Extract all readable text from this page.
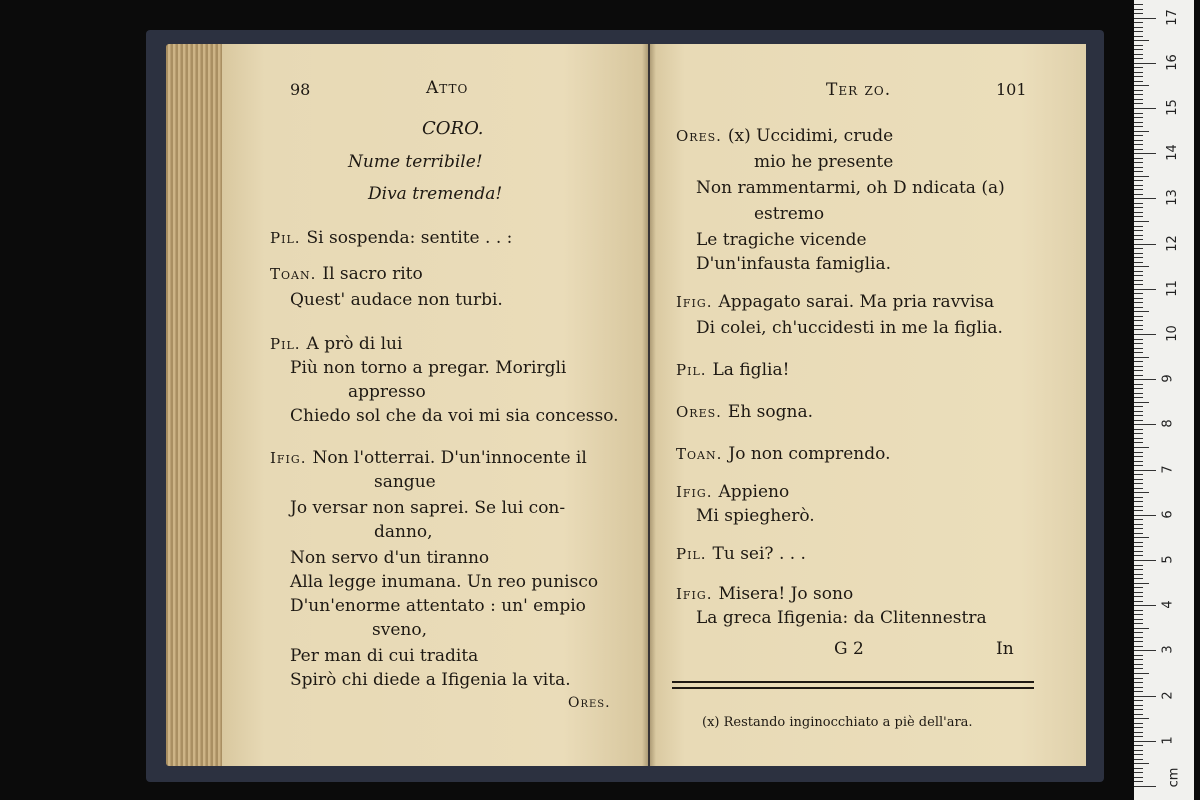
98	Atto
CORO.
Nume terribile!
Diva tremenda!
Pil. Si sospenda: sentite . . :
Toan. Il sacro rito
Quest' audace non turbi.
Pil. A prò di lui
Più non torno a pregar. Morirgli
appresso
Chiedo sol che da voi mi sia concesso.
Ifig. Non l'otterrai. D'un'innocente il
sangue
Jo versar non saprei. Se lui con-
danno,
Non servo d'un tiranno
Alla legge inumana. Un reo punisco
D'un'enorme attentato : un' empio
sveno,
Per man di cui tradita
Spirò chi diede a Ifigenia la vita.
Ores.
Ter zo.	101
Ores. (x) Uccidimi, crude
mio he presente
Non rammentarmi, oh D ndicata (a)
estremo
Le tragiche vicende
D'un'infausta famiglia.
Ifig. Appagato sarai. Ma pria ravvisa
Di colei, ch'uccidesti in me la figlia.
Pil. La figlia!
Ores. Eh sogna.
Toan. Jo non comprendo.
Ifig. Appieno
Mi spiegherò.
Pil. Tu sei? . . .
Ifig. Misera! Jo sono
La greca Ifigenia: da Clitennestra
G 2	In
(x) Restando inginocchiato a piè dell'ara.
1
2
3
4
5
6
7
8
9
10
11
12
13
14
15
16
17
cm
